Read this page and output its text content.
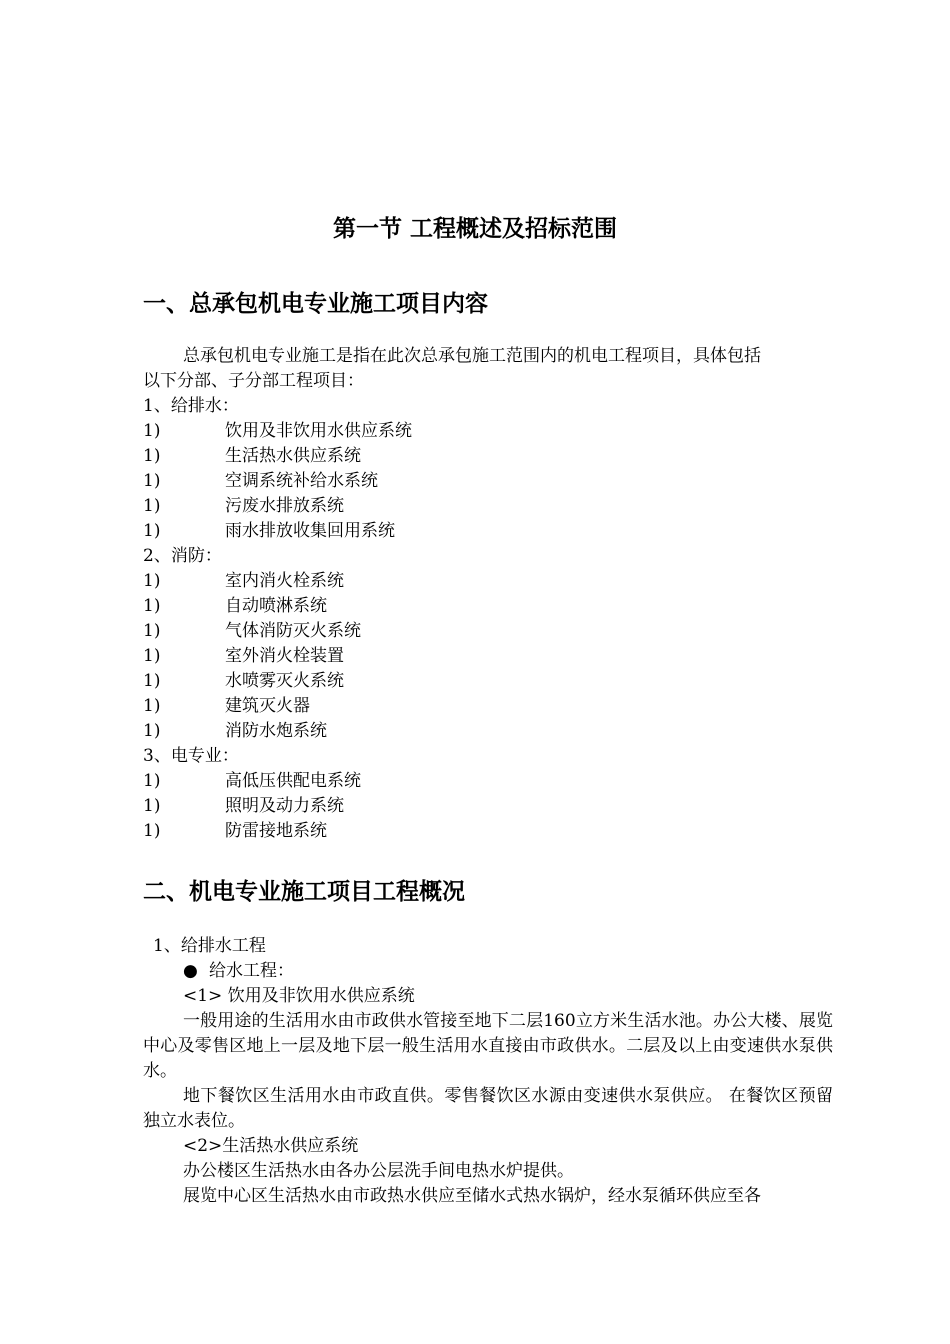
第一节 工程概述及招标范围
一、总承包机电专业施工项目内容
总承包机电专业施工是指在此次总承包施工范围内的机电工程项目，具体包括
以下分部、子分部工程项目：
1、给排水：
1)	饮用及非饮用水供应系统
1)	生活热水供应系统
1)	空调系统补给水系统
1)	污废水排放系统
1)	雨水排放收集回用系统
2、消防：
1)	室内消火栓系统
1)	自动喷淋系统
1)	气体消防灭火系统
1)	室外消火栓装置
1)	水喷雾灭火系统
1)	建筑灭火器
1)	消防水炮系统
3、电专业：
1)	高低压供配电系统
1)	照明及动力系统
1)	防雷接地系统
二、机电专业施工项目工程概况
1、给排水工程
● 给水工程：
<1> 饮用及非饮用水供应系统

一般用途的生活用水由市政供水管接至地下二层160立方米生活水池。办公大楼、展览中心及零售区地上一层及地下层一般生活用水直接由市政供水。二层及以上由变速供水泵供水。

地下餐饮区生活用水由市政直供。零售餐饮区水源由变速供水泵供应。 在餐饮区预留独立水表位。

<2>生活热水供应系统

办公楼区生活热水由各办公层洗手间电热水炉提供。

展览中心区生活热水由市政热水供应至储水式热水锅炉，经水泵循环供应至各
